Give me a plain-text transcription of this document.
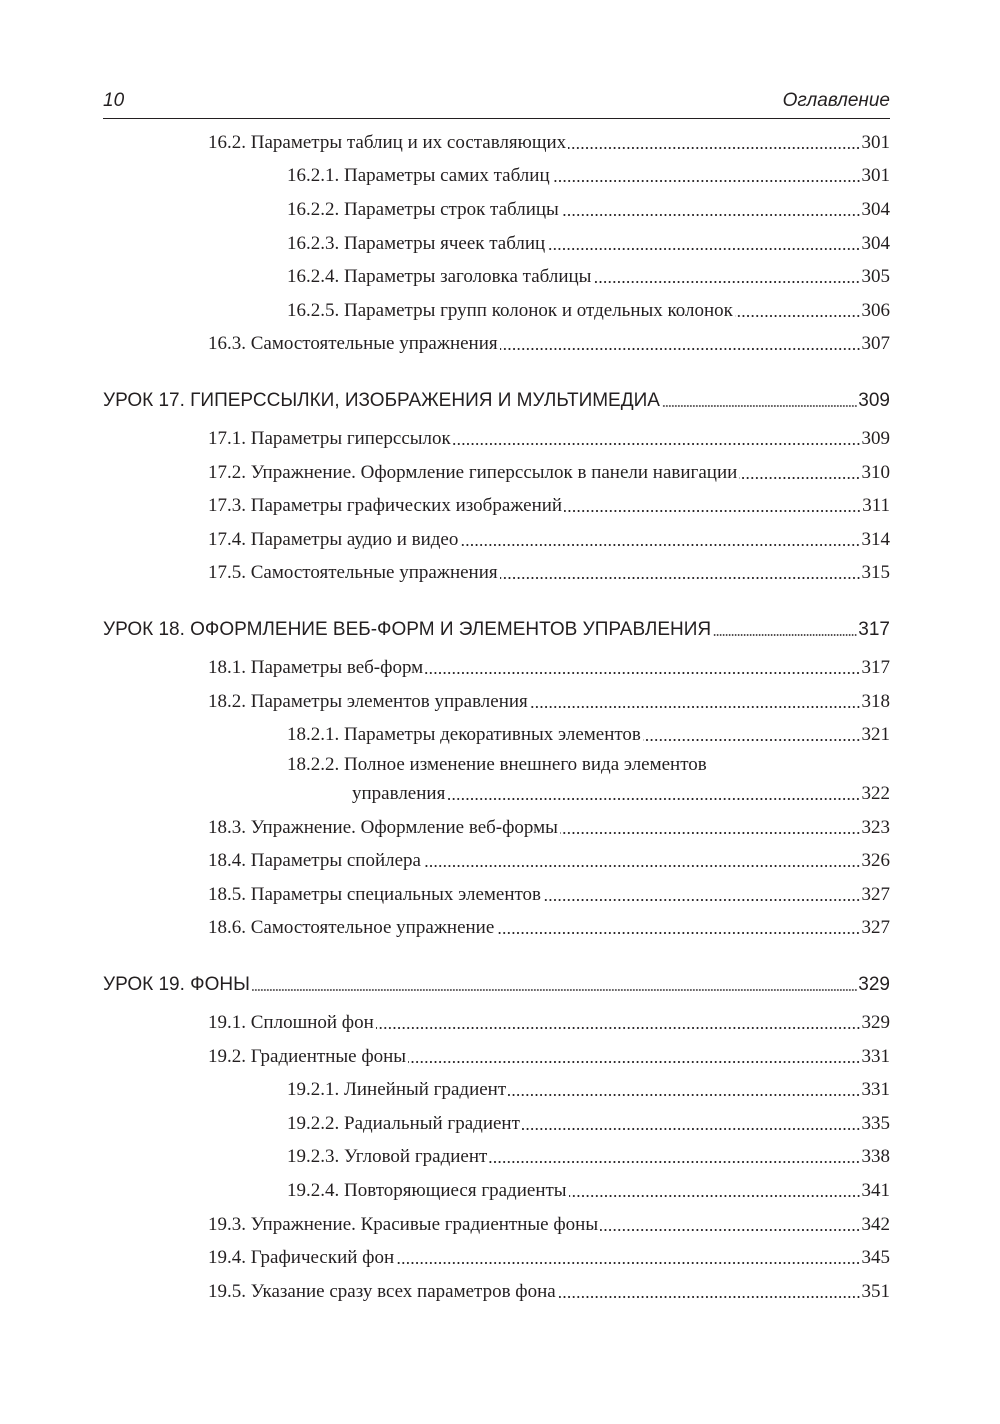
10	Оглавление
16.2. Параметры таблиц и их составляющих	301
16.2.1. Параметры самих таблиц	301
16.2.2. Параметры строк таблицы	304
16.2.3. Параметры ячеек таблиц	304
16.2.4. Параметры заголовка таблицы	305
16.2.5. Параметры групп колонок и отдельных колонок	306
16.3. Самостоятельные упражнения	307
УРОК 17. ГИПЕРССЫЛКИ, ИЗОБРАЖЕНИЯ И МУЛЬТИМЕДИА	309
17.1. Параметры гиперссылок	309
17.2. Упражнение. Оформление гиперссылок в панели навигации	310
17.3. Параметры графических изображений	311
17.4. Параметры аудио и видео	314
17.5. Самостоятельные упражнения	315
УРОК 18. ОФОРМЛЕНИЕ ВЕБ-ФОРМ И ЭЛЕМЕНТОВ УПРАВЛЕНИЯ	317
18.1. Параметры веб-форм	317
18.2. Параметры элементов управления	318
18.2.1. Параметры декоративных элементов	321
18.2.2. Полное изменение внешнего вида элементов
управления	322
18.3. Упражнение. Оформление веб-формы	323
18.4. Параметры спойлера	326
18.5. Параметры специальных элементов	327
18.6. Самостоятельное упражнение	327
УРОК 19. ФОНЫ	329
19.1. Сплошной фон	329
19.2. Градиентные фоны	331
19.2.1. Линейный градиент	331
19.2.2. Радиальный градиент	335
19.2.3. Угловой градиент	338
19.2.4. Повторяющиеся градиенты	341
19.3. Упражнение. Красивые градиентные фоны	342
19.4. Графический фон	345
19.5. Указание сразу всех параметров фона	351
